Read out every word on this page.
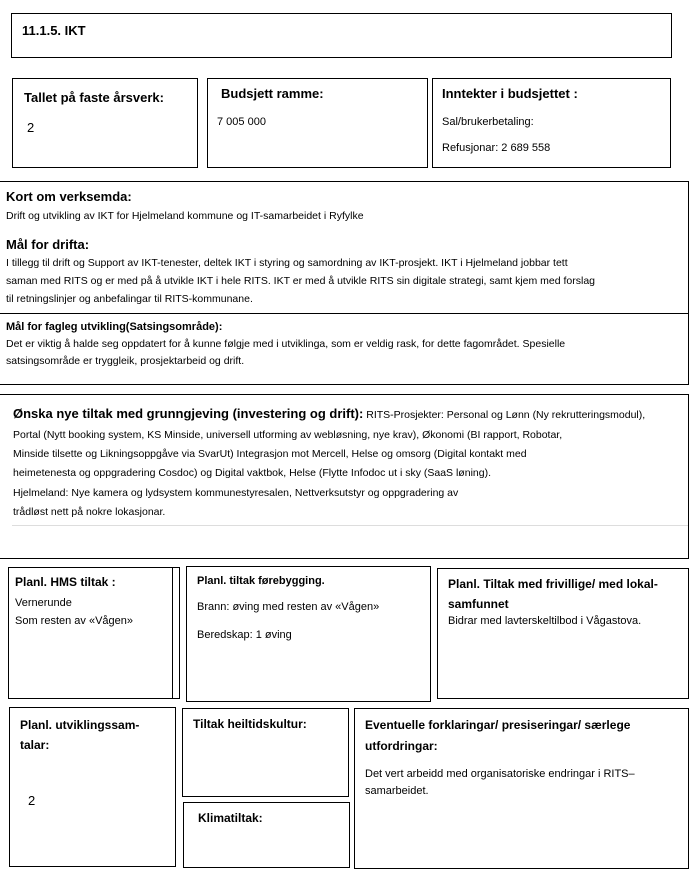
11.1.5. IKT
Tallet på faste årsverk:
2
Budsjett ramme:
7 005 000
Inntekter i budsjettet :
Sal/brukerbetaling:
Refusjonar: 2 689 558
Kort om verksemda:
Drift og utvikling av IKT for Hjelmeland kommune og IT-samarbeidet i Ryfylke
Mål for drifta:
I tillegg til drift og Support av IKT-tenester, deltek IKT i styring og samordning av IKT-prosjekt. IKT i Hjelmeland jobbar tett
saman med RITS og er med på å utvikle IKT i hele RITS. IKT er med å utvikle RITS sin digitale strategi, samt kjem med forslag
til retningslinjer og anbefalingar til RITS-kommunane.
Mål for fagleg utvikling(Satsingsområde):
Det er viktig å halde seg oppdatert for å kunne følgje med i utviklinga, som er veldig rask, for dette fagområdet. Spesielle
satsingsområde er tryggleik, prosjektarbeid og drift.
Ønska nye tiltak med grunngjeving (investering og drift): RITS-Prosjekter: Personal og Lønn (Ny rekrutteringsmodul),
Portal (Nytt booking system, KS Minside, universell utforming av webløsning, nye krav), Økonomi (BI rapport, Robotar,
Minside tilsette og Likningsoppgåve via SvarUt) Integrasjon mot Mercell, Helse og omsorg (Digital kontakt med
heimetenesta og oppgradering Cosdoc) og Digital vaktbok, Helse (Flytte Infodoc ut i sky (SaaS løning).
Hjelmeland: Nye kamera og lydsystem kommunestyresalen, Nettverksutstyr og oppgradering av
trådløst nett på nokre lokasjonar.
Planl. HMS tiltak :
Vernerunde
Som resten av «Vågen»
Planl. tiltak førebygging.
Brann: øving med resten av «Vågen»
Beredskap: 1 øving
Planl. Tiltak med frivillige/ med lokal-
samfunnet
Bidrar med lavterskeltilbod i Vågastova.
Planl. utviklingssam-
talar:
2
Tiltak heiltidskultur:
Klimatiltak:
Eventuelle forklaringar/ presiseringar/ særlege
utfordringar:
Det vert arbeidd med organisatoriske endringar i RITS–
samarbeidet.
